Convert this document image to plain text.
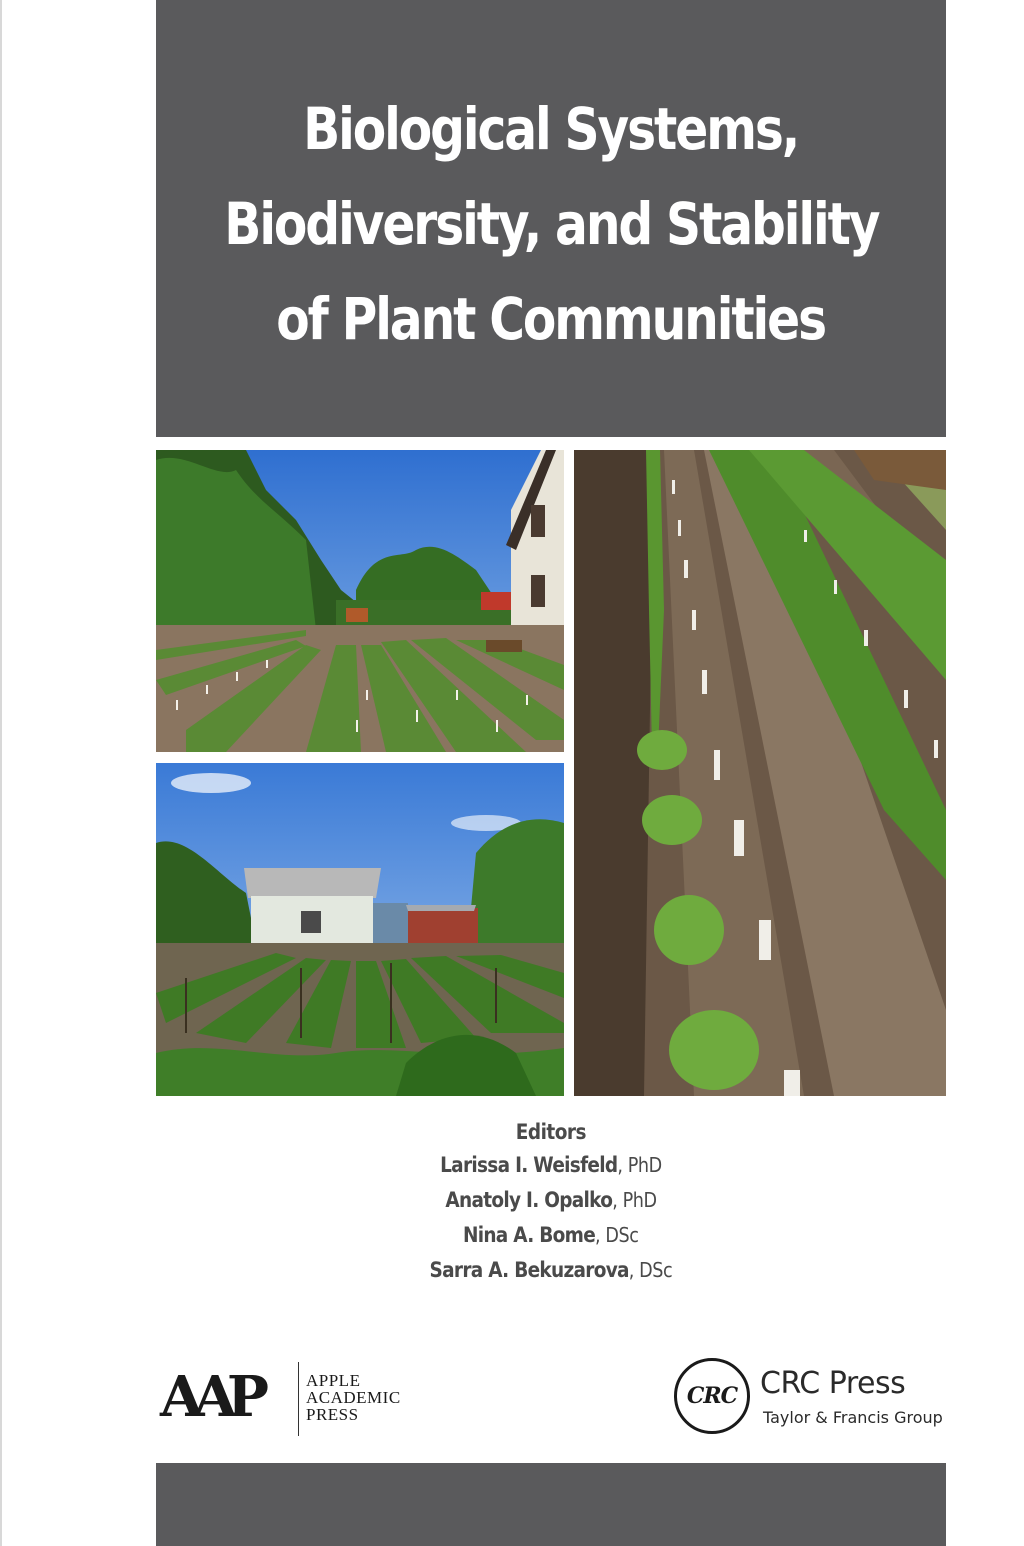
Biological Systems,
Biodiversity, and Stability
of Plant Communities
Editors
Larissa I. Weisfeld, PhD
Anatoly I. Opalko, PhD
Nina A. Bome, DSc
Sarra A. Bekuzarova, DSc
AAP	APPLE
ACADEMIC
PRESS
CRC CRC Press
Taylor & Francis Group
